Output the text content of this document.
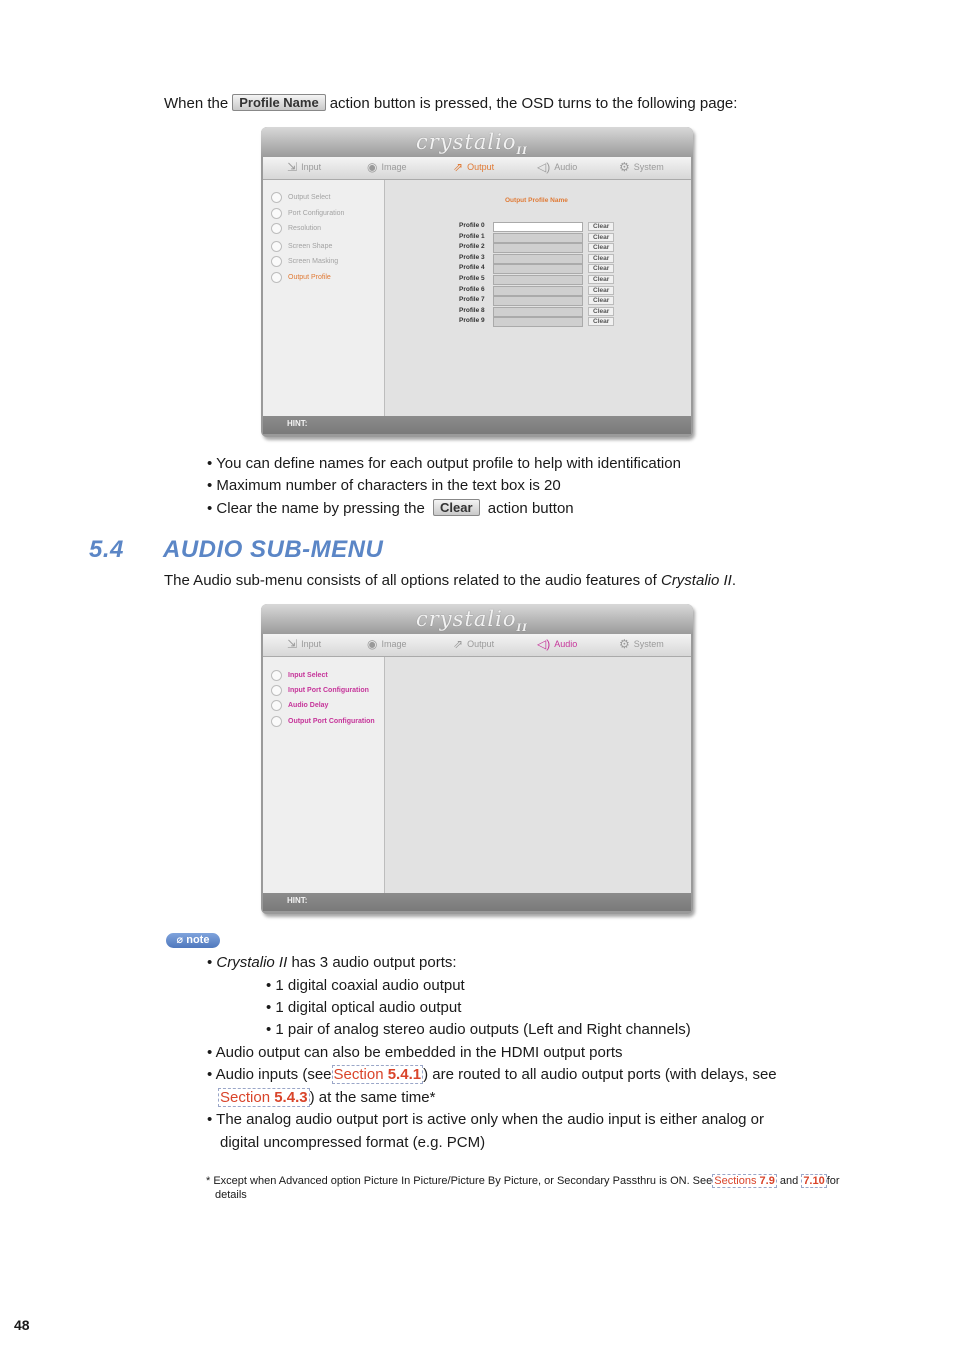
When the Profile Name action button is pressed, the OSD turns to the following page:
crystalio$_{II}$
⇲ Input	◉ Image	⇗ Output	◁) Audio	⚙ System
Output Select
Port Configuration
Resolution
Screen Shape
Screen Masking
Output Profile
Output Profile Name
Profile 0	Clear
Profile 1	Clear
Profile 2	Clear
Profile 3	Clear
Profile 4	Clear
Profile 5	Clear
Profile 6	Clear
Profile 7	Clear
Profile 8	Clear
Profile 9	Clear
HINT:
• You can define names for each output profile to help with identification
• Maximum number of characters in the text box is 20
• Clear the name by pressing the Clear action button
5.4 AUDIO SUB-MENU
The Audio sub-menu consists of all options related to the audio features of Crystalio II.
crystalio$_{II}$
⇲ Input	◉ Image	⇗ Output	◁) Audio	⚙ System
Input Select
Input Port Configuration
Audio Delay
Output Port Configuration
HINT:
⌀ note
• Crystalio II has 3 audio output ports:
• 1 digital coaxial audio output
• 1 digital optical audio output
• 1 pair of analog stereo audio outputs (Left and Right channels)
• Audio output can also be embedded in the HDMI output ports
• Audio inputs (see Section 5.4.1 ) are routed to all audio output ports (with delays, see
Section 5.4.3 ) at the same time*
• The analog audio output port is active only when the audio input is either analog or
digital uncompressed format (e.g. PCM)
* Except when Advanced option Picture In Picture/Picture By Picture, or Secondary Passthru is ON. See Sections 7.9 and 7.10 for
details
48
